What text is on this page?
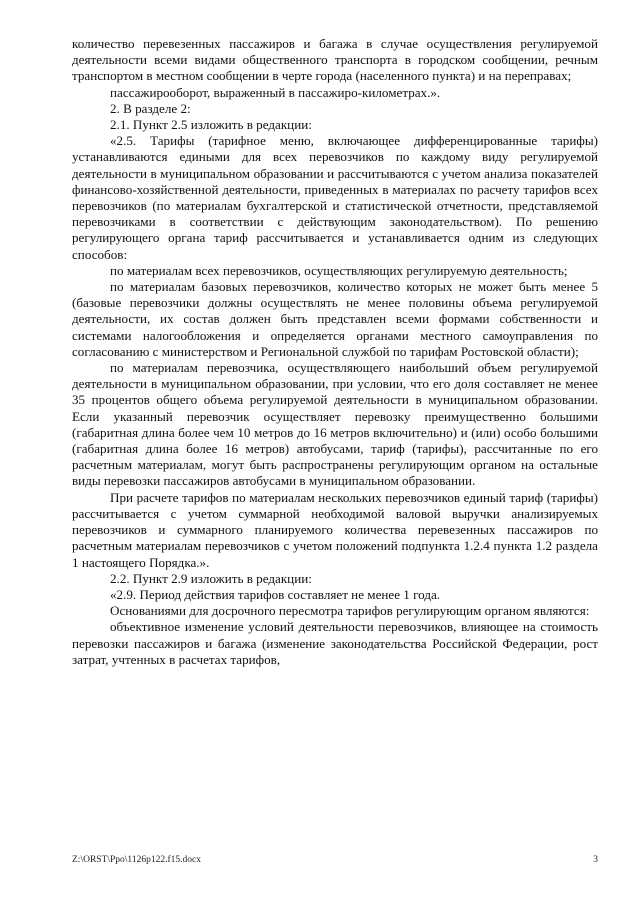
количество перевезенных пассажиров и багажа в случае осуществления регулируемой деятельности всеми видами общественного транспорта в городском сообщении, речным транспортом в местном сообщении в черте города (населенного пункта) и на переправах;

пассажирооборот, выраженный в пассажиро-километрах.».

2. В разделе 2:

2.1. Пункт 2.5 изложить в редакции:

«2.5. Тарифы (тарифное меню, включающее дифференцированные тарифы) устанавливаются едиными для всех перевозчиков по каждому виду регулируемой деятельности в муниципальном образовании и рассчитываются с учетом анализа показателей финансово-хозяйственной деятельности, приведенных в материалах по расчету тарифов всех перевозчиков (по материалам бухгалтерской и статистической отчетности, представляемой перевозчиками в соответствии с действующим законодательством). По решению регулирующего органа тариф рассчитывается и устанавливается одним из следующих способов:

по материалам всех перевозчиков, осуществляющих регулируемую деятельность;

по материалам базовых перевозчиков, количество которых не может быть менее 5 (базовые перевозчики должны осуществлять не менее половины объема регулируемой деятельности, их состав должен быть представлен всеми формами собственности и системами налогообложения и определяется органами местного самоуправления по согласованию с министерством и Региональной службой по тарифам Ростовской области);

по материалам перевозчика, осуществляющего наибольший объем регулируемой деятельности в муниципальном образовании, при условии, что его доля составляет не менее 35 процентов общего объема регулируемой деятельности в муниципальном образовании. Если указанный перевозчик осуществляет перевозку преимущественно большими (габаритная длина более чем 10 метров до 16 метров включительно) и (или) особо большими (габаритная длина более 16 метров) автобусами, тариф (тарифы), рассчитанные по его расчетным материалам, могут быть распространены регулирующим органом на остальные виды перевозки пассажиров автобусами в муниципальном образовании.

При расчете тарифов по материалам нескольких перевозчиков единый тариф (тарифы) рассчитывается с учетом суммарной необходимой валовой выручки анализируемых перевозчиков и суммарного планируемого количества перевезенных пассажиров по расчетным материалам перевозчиков с учетом положений подпункта 1.2.4 пункта 1.2 раздела 1 настоящего Порядка.».

2.2. Пункт 2.9 изложить в редакции:

«2.9. Период действия тарифов составляет не менее 1 года.

Основаниями для досрочного пересмотра тарифов регулирующим органом являются:

объективное изменение условий деятельности перевозчиков, влияющее на стоимость перевозки пассажиров и багажа (изменение законодательства Российской Федерации, рост затрат, учтенных в расчетах тарифов,

Z:\ORST\Ppo\1126p122.f15.docx	3
